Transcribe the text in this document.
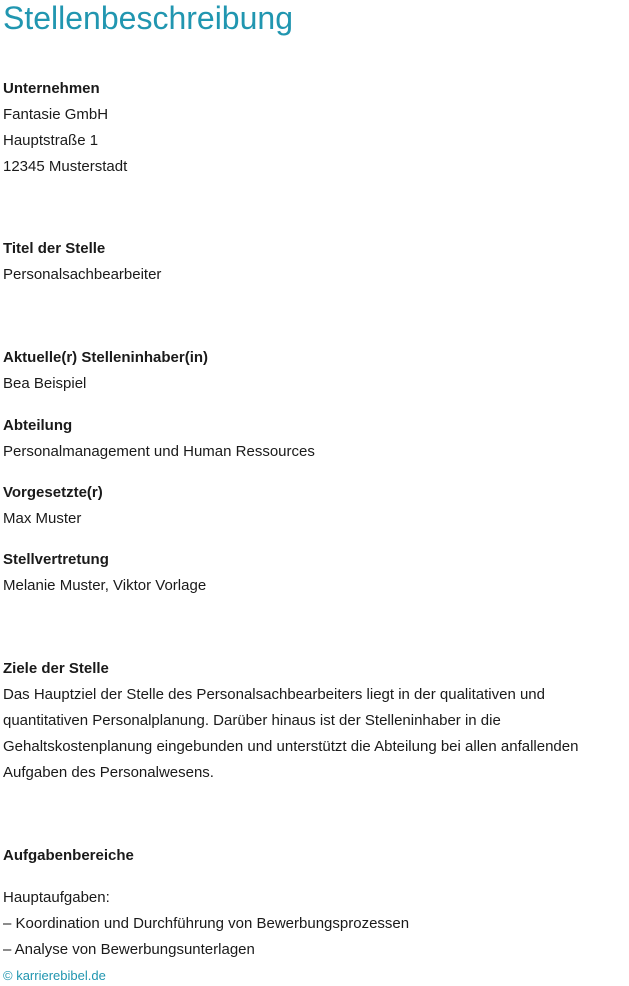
Stellenbeschreibung

Unternehmen

Fantasie GmbH

Hauptstraße 1

12345 Musterstadt

Titel der Stelle

Personalsachbearbeiter

Aktuelle(r) Stelleninhaber(in)

Bea Beispiel

Abteilung

Personalmanagement und Human Ressources

Vorgesetzte(r)

Max Muster

Stellvertretung

Melanie Muster, Viktor Vorlage

Ziele der Stelle

Das Hauptziel der Stelle des Personalsachbearbeiters liegt in der qualitativen und quantitativen Personalplanung. Darüber hinaus ist der Stelleninhaber in die Gehaltskostenplanung eingebunden und unterstützt die Abteilung bei allen anfallenden Aufgaben des Personalwesens.

Aufgabenbereiche

Hauptaufgaben:

– Koordination und Durchführung von Bewerbungsprozessen

– Analyse von Bewerbungsunterlagen

© karrierebibel.de
